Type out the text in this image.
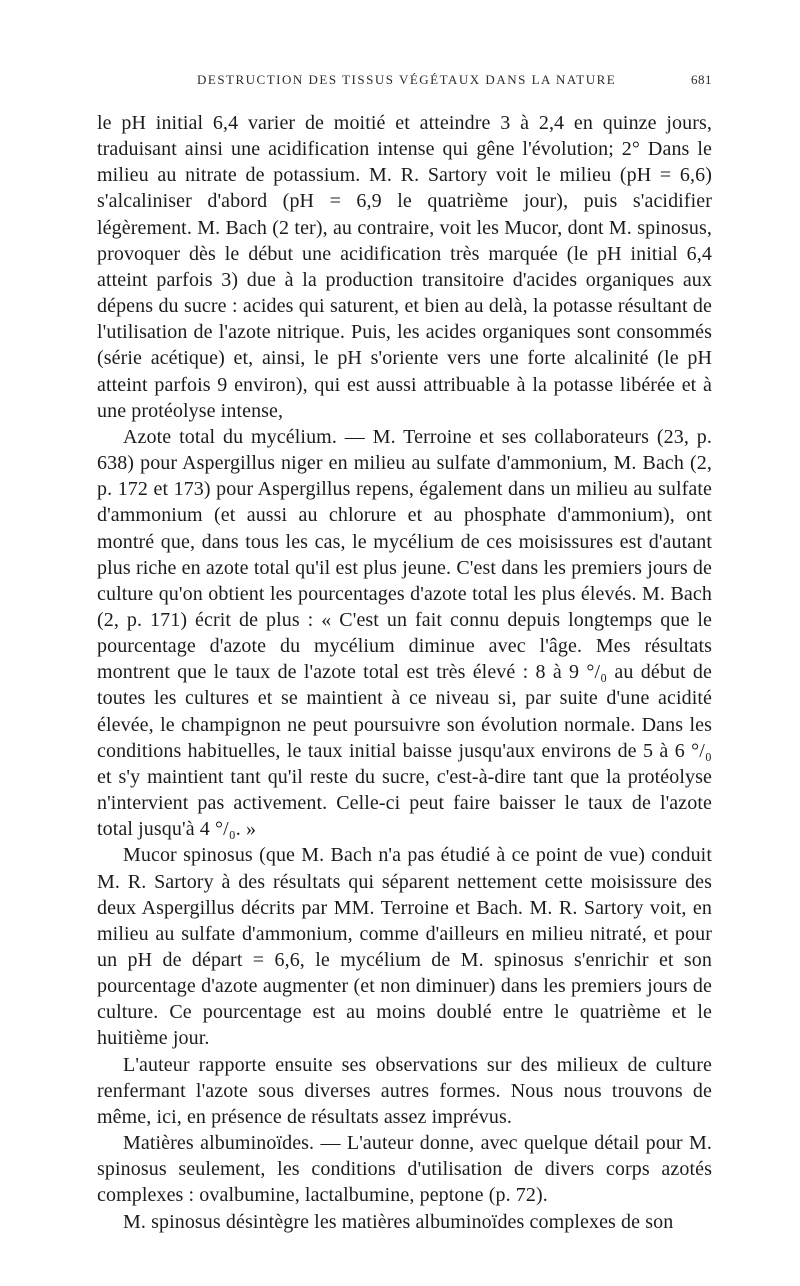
DESTRUCTION DES TISSUS VÉGÉTAUX DANS LA NATURE	681

le pH initial 6,4 varier de moitié et atteindre 3 à 2,4 en quinze jours, traduisant ainsi une acidification intense qui gêne l'évolution; 2° Dans le milieu au nitrate de potassium. M. R. Sartory voit le milieu (pH = 6,6) s'alcaliniser d'abord (pH = 6,9 le quatrième jour), puis s'acidifier légèrement. M. Bach (2 ter), au contraire, voit les Mucor, dont M. spinosus, provoquer dès le début une acidification très marquée (le pH initial 6,4 atteint parfois 3) due à la production transitoire d'acides organiques aux dépens du sucre : acides qui saturent, et bien au delà, la potasse résultant de l'utilisation de l'azote nitrique. Puis, les acides organiques sont consommés (série acétique) et, ainsi, le pH s'oriente vers une forte alcalinité (le pH atteint parfois 9 environ), qui est aussi attribuable à la potasse libérée et à une protéolyse intense,

Azote total du mycélium. — M. Terroine et ses collaborateurs (23, p. 638) pour Aspergillus niger en milieu au sulfate d'ammonium, M. Bach (2, p. 172 et 173) pour Aspergillus repens, également dans un milieu au sulfate d'ammonium (et aussi au chlorure et au phosphate d'ammonium), ont montré que, dans tous les cas, le mycélium de ces moisissures est d'autant plus riche en azote total qu'il est plus jeune. C'est dans les premiers jours de culture qu'on obtient les pourcentages d'azote total les plus élevés. M. Bach (2, p. 171) écrit de plus : « C'est un fait connu depuis longtemps que le pourcentage d'azote du mycélium diminue avec l'âge. Mes résultats montrent que le taux de l'azote total est très élevé : 8 à 9 °/₀ au début de toutes les cultures et se maintient à ce niveau si, par suite d'une acidité élevée, le champignon ne peut poursuivre son évolution normale. Dans les conditions habituelles, le taux initial baisse jusqu'aux environs de 5 à 6 °/₀ et s'y maintient tant qu'il reste du sucre, c'est-à-dire tant que la protéolyse n'intervient pas activement. Celle-ci peut faire baisser le taux de l'azote total jusqu'à 4 °/₀. »

Mucor spinosus (que M. Bach n'a pas étudié à ce point de vue) conduit M. R. Sartory à des résultats qui séparent nettement cette moisissure des deux Aspergillus décrits par MM. Terroine et Bach. M. R. Sartory voit, en milieu au sulfate d'ammonium, comme d'ailleurs en milieu nitraté, et pour un pH de départ = 6,6, le mycélium de M. spinosus s'enrichir et son pourcentage d'azote augmenter (et non diminuer) dans les premiers jours de culture. Ce pourcentage est au moins doublé entre le quatrième et le huitième jour.

L'auteur rapporte ensuite ses observations sur des milieux de culture renfermant l'azote sous diverses autres formes. Nous nous trouvons de même, ici, en présence de résultats assez imprévus.

Matières albuminoïdes. — L'auteur donne, avec quelque détail pour M. spinosus seulement, les conditions d'utilisation de divers corps azotés complexes : ovalbumine, lactalbumine, peptone (p. 72).

M. spinosus désintègre les matières albuminoïdes complexes de son
